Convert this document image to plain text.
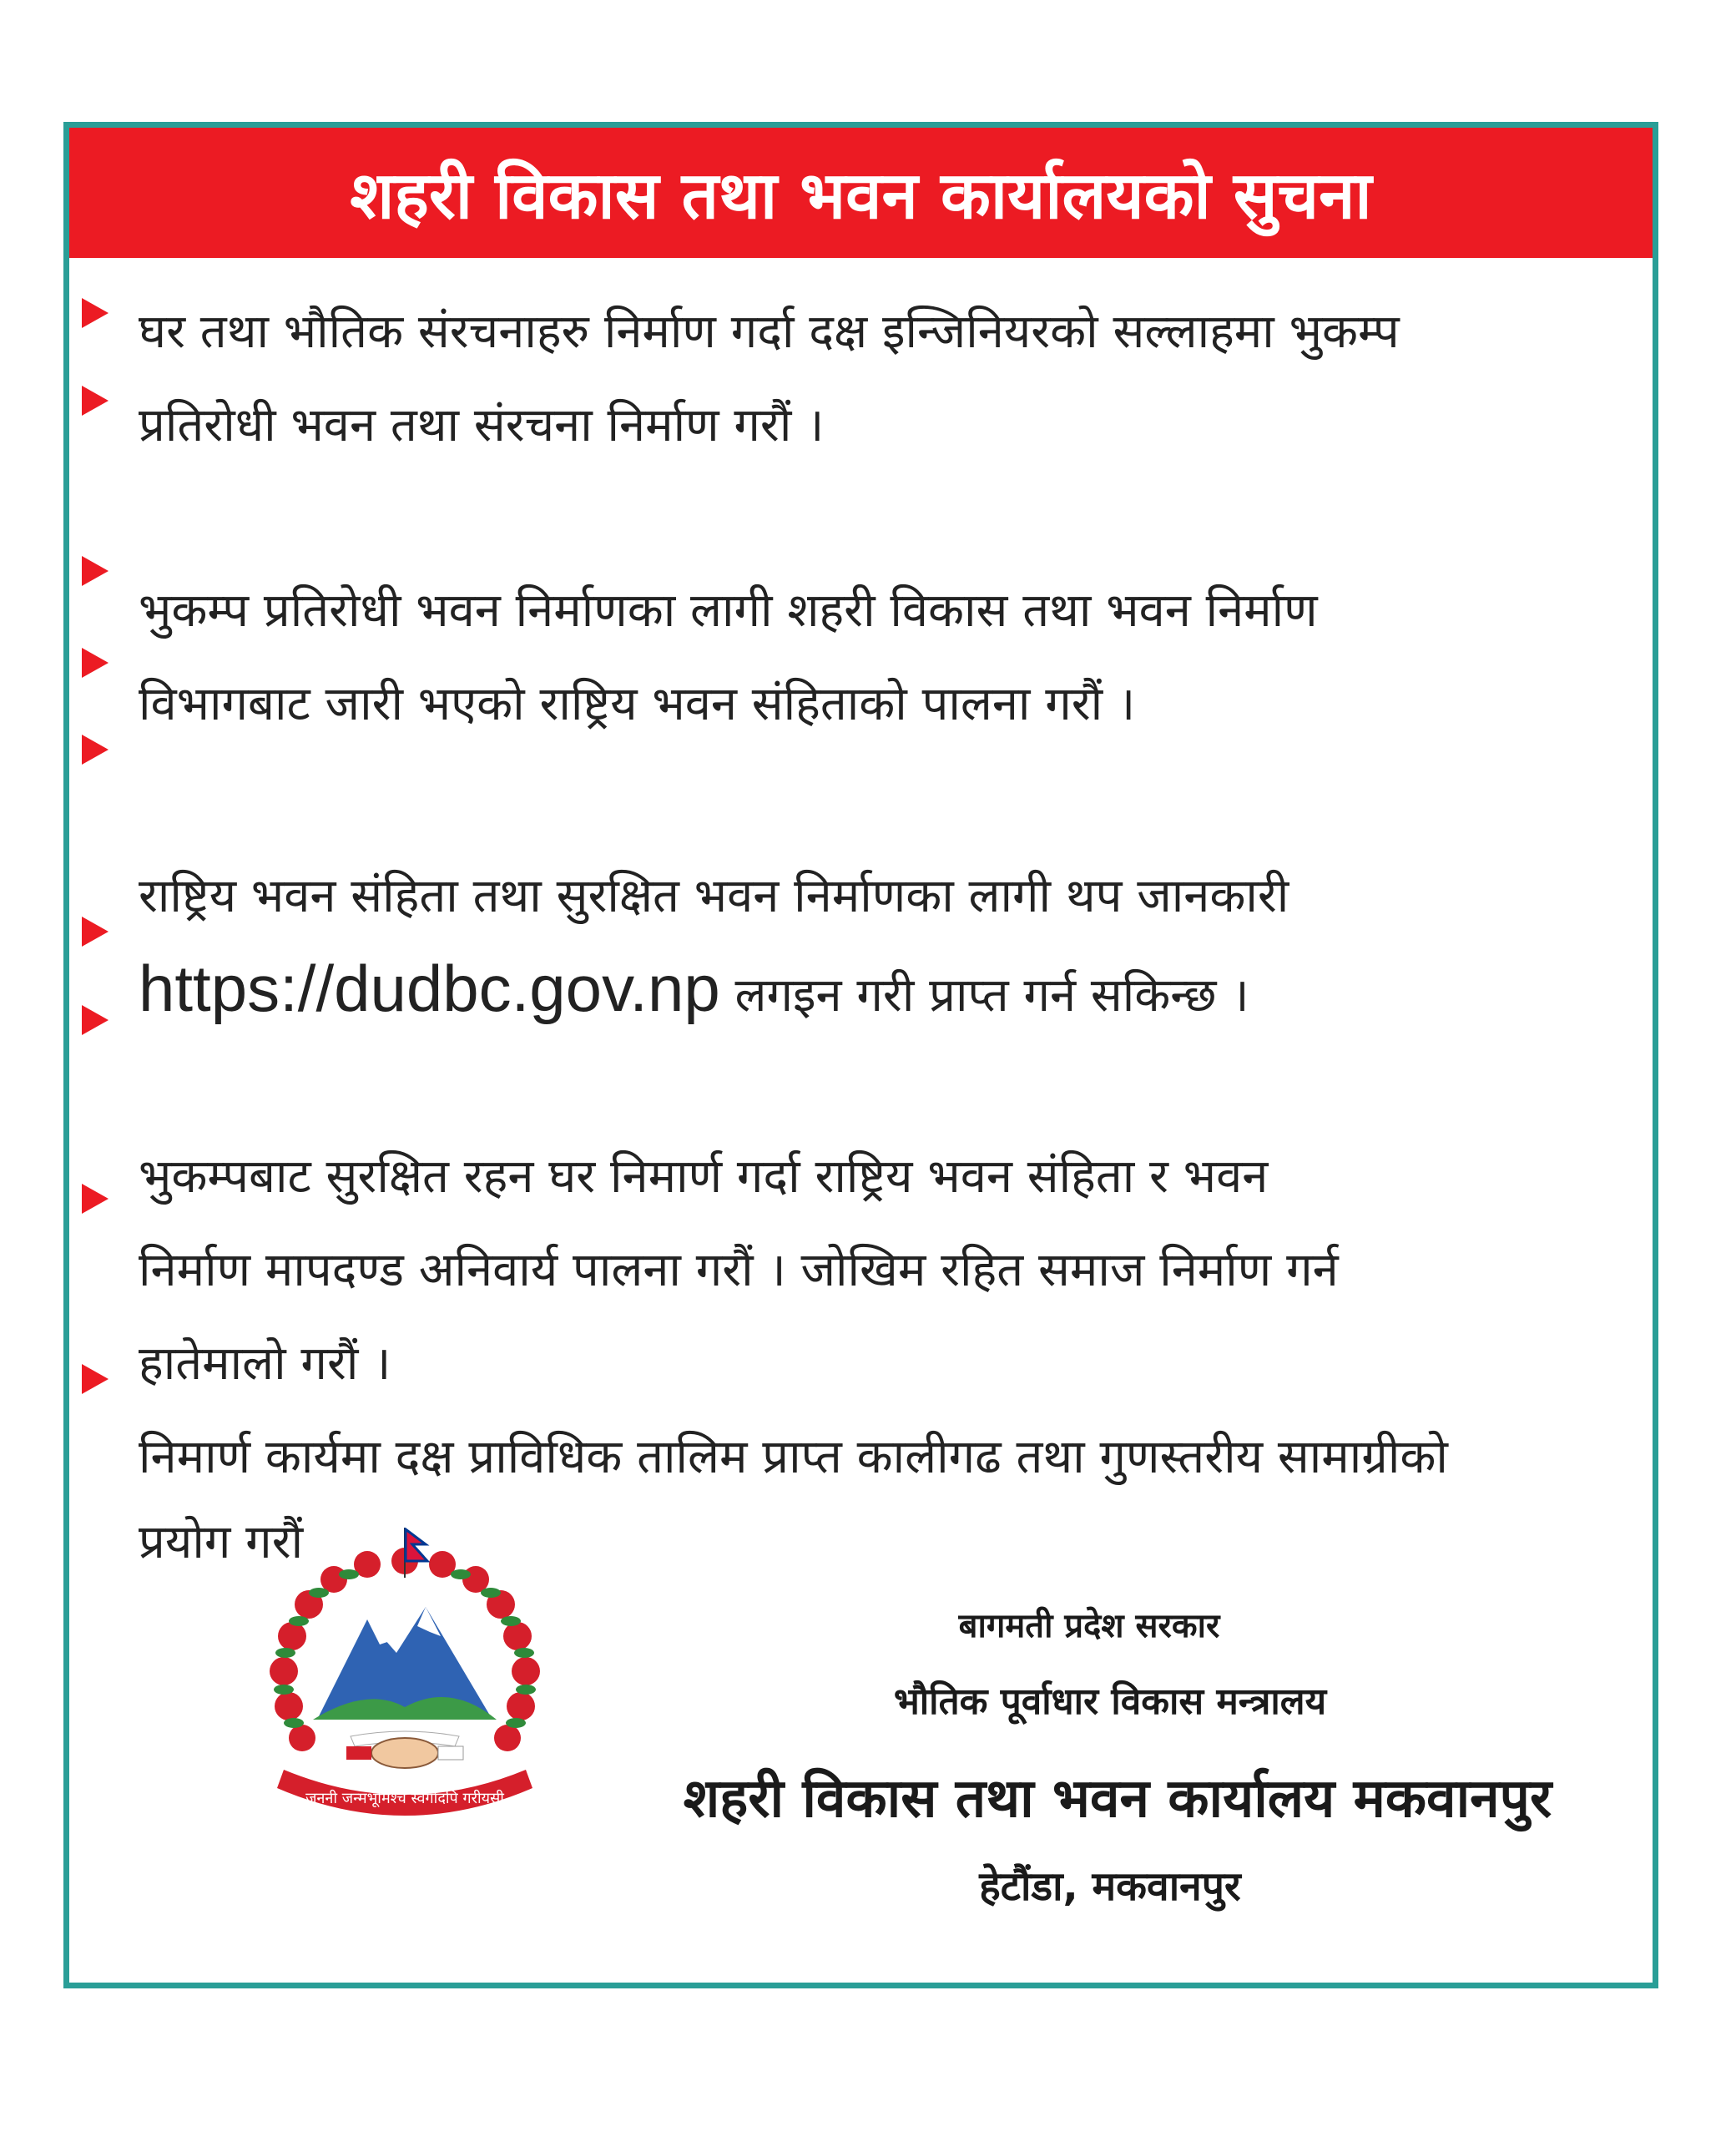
शहरी विकास तथा भवन कार्यालयको सुचना
घर तथा भौतिक संरचनाहरु निर्माण गर्दा दक्ष इन्जिनियरको सल्लाहमा भुकम्प
प्रतिरोधी भवन तथा संरचना निर्माण गरौं ।
भुकम्प प्रतिरोधी भवन निर्माणका लागी शहरी विकास तथा भवन निर्माण
विभागबाट जारी भएको राष्ट्रिय भवन संहिताको पालना गरौं ।
राष्ट्रिय भवन संहिता तथा सुरक्षित भवन निर्माणका लागी थप जानकारी
https://dudbc.gov.np लगइन गरी प्राप्त गर्न सकिन्छ ।
भुकम्पबाट सुरक्षित रहन घर निमार्ण गर्दा राष्ट्रिय भवन संहिता र भवन
निर्माण मापदण्ड अनिवार्य पालना गरौं । जोखिम रहित समाज निर्माण गर्न
हातेमालो गरौं ।
निमार्ण कार्यमा दक्ष प्राविधिक तालिम प्राप्त कालीगढ तथा गुणस्तरीय सामाग्रीको
प्रयोग गरौं
जननी जन्मभूमिश्च स्वर्गादपि गरीयसी
बागमती प्रदेश सरकार
भौतिक पूर्वाधार विकास मन्त्रालय
शहरी विकास तथा भवन कार्यालय मकवानपुर
हेटौंडा, मकवानपुर
